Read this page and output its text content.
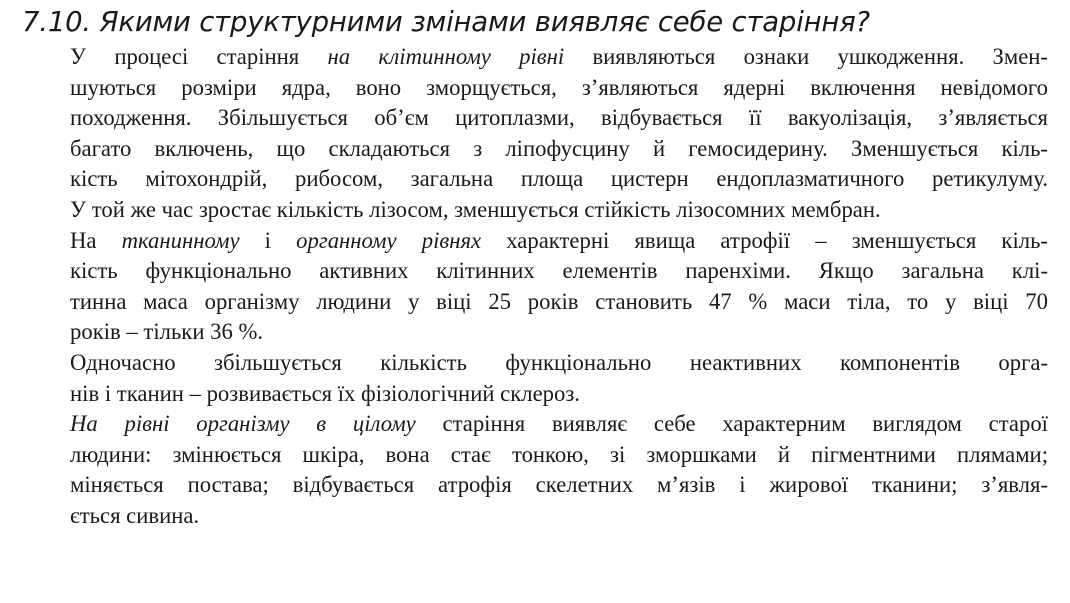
7.10. Якими структурними змінами виявляє себе старіння?

У процесі старіння на клітинному рівні виявляються ознаки ушкодження. Змен-
шуються розміри ядра, воно зморщується, з’являються ядерні включення невідомого
походження. Збільшується об’єм цитоплазми, відбувається її вакуолізація, з’являється
багато включень, що складаються з ліпофусцину й гемосидерину. Зменшується кіль-
кість мітохондрій, рибосом, загальна площа цистерн ендоплазматичного ретикулуму.
У той же час зростає кількість лізосом, зменшується стійкість лізосомних мембран.

На тканинному і органному рівнях характерні явища атрофії – зменшується кіль-
кість функціонально активних клітинних елементів паренхіми. Якщо загальна клі-
тинна маса організму людини у віці 25 років становить 47 % маси тіла, то у віці 70
років – тільки 36 %.

Одночасно збільшується кількість функціонально неактивних компонентів орга-
нів і тканин – розвивається їх фізіологічний склероз.

На рівні організму в цілому старіння виявляє себе характерним виглядом старої
людини: змінюється шкіра, вона стає тонкою, зі зморшками й пігментними плямами;
міняється постава; відбувається атрофія скелетних м’язів і жирової тканини; з’явля-
ється сивина.
